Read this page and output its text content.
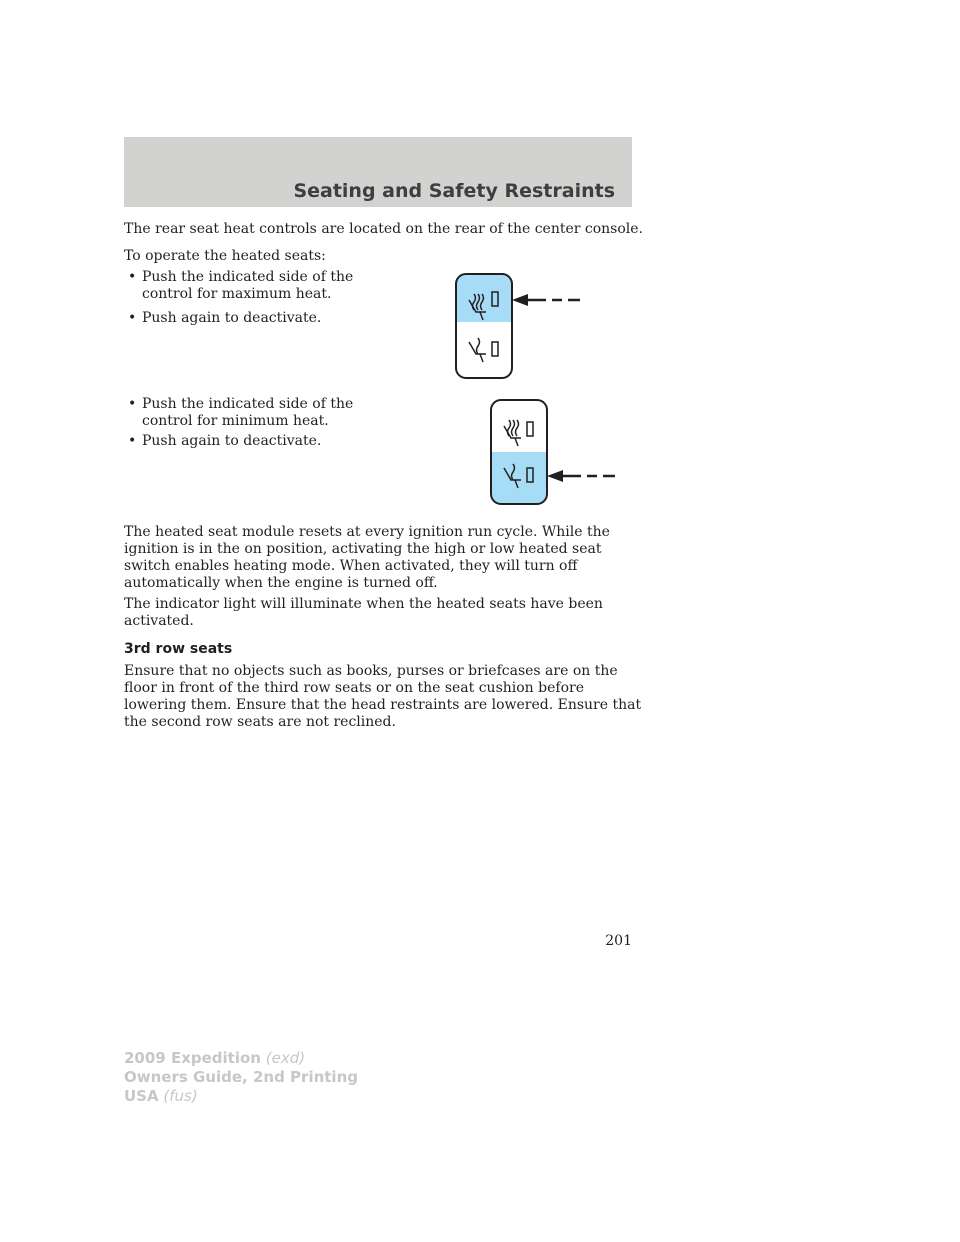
Seating and Safety Restraints

The rear seat heat controls are located on the rear of the center console.

To operate the heated seats:

• Push the indicated side of the control for maximum heat.

• Push again to deactivate.

• Push the indicated side of the control for minimum heat.

• Push again to deactivate.

The heated seat module resets at every ignition run cycle. While the ignition is in the on position, activating the high or low heated seat switch enables heating mode. When activated, they will turn off automatically when the engine is turned off.

The indicator light will illuminate when the heated seats have been activated.

3rd row seats

Ensure that no objects such as books, purses or briefcases are on the floor in front of the third row seats or on the seat cushion before lowering them. Ensure that the head restraints are lowered. Ensure that the second row seats are not reclined.

201

2009 Expedition (exd)
Owners Guide, 2nd Printing
USA (fus)
